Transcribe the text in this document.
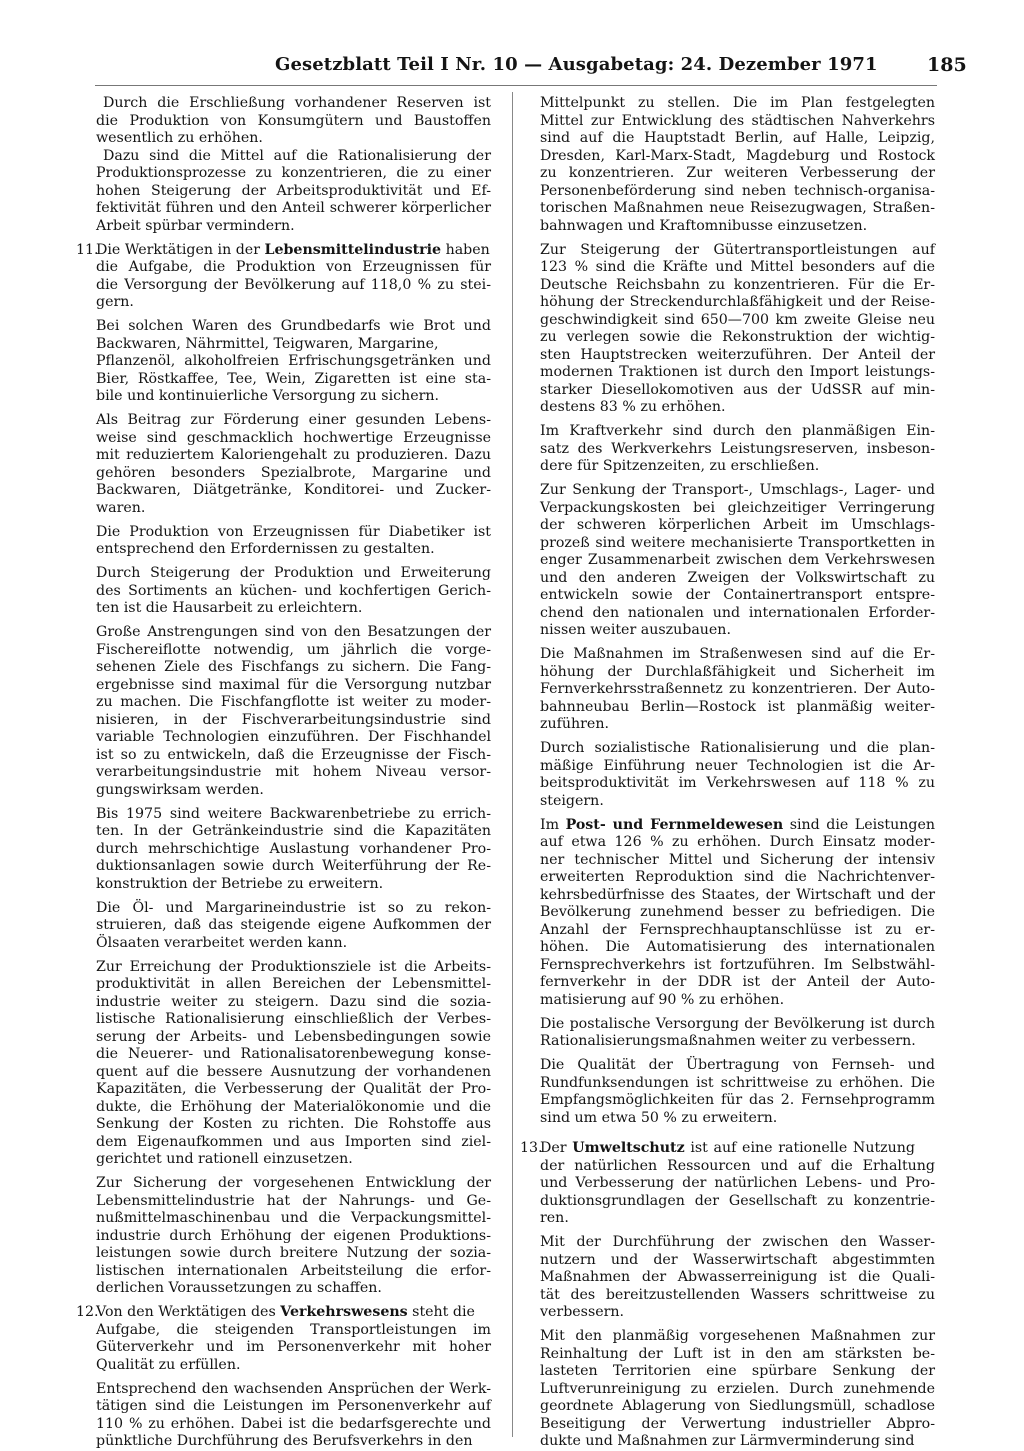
Gesetzblatt Teil I Nr. 10 — Ausgabetag: 24. Dezember 1971	185
Durch die Erschließung vorhandener Reserven ist
die Produktion von Konsumgütern und Baustoffen
wesentlich zu erhöhen.
Dazu sind die Mittel auf die Rationalisierung der
Produktionsprozesse zu konzentrieren, die zu einer
hohen Steigerung der Arbeitsproduktivität und Ef-
fektivität führen und den Anteil schwerer körperlicher
Arbeit spürbar vermindern.
11.
Die Werktätigen in der Lebensmittelindustrie haben
die Aufgabe, die Produktion von Erzeugnissen für
die Versorgung der Bevölkerung auf 118,0 % zu stei-
gern.
Bei solchen Waren des Grundbedarfs wie Brot und
Backwaren, Nährmittel, Teigwaren, Margarine,
Pflanzenöl, alkoholfreien Erfrischungsgetränken und
Bier, Röstkaffee, Tee, Wein, Zigaretten ist eine sta-
bile und kontinuierliche Versorgung zu sichern.
Als Beitrag zur Förderung einer gesunden Lebens-
weise sind geschmacklich hochwertige Erzeugnisse
mit reduziertem Kaloriengehalt zu produzieren. Dazu
gehören besonders Spezialbrote, Margarine und
Backwaren, Diätgetränke, Konditorei- und Zucker-
waren.
Die Produktion von Erzeugnissen für Diabetiker ist
entsprechend den Erfordernissen zu gestalten.
Durch Steigerung der Produktion und Erweiterung
des Sortiments an küchen- und kochfertigen Gerich-
ten ist die Hausarbeit zu erleichtern.
Große Anstrengungen sind von den Besatzungen der
Fischereiflotte notwendig, um jährlich die vorge-
sehenen Ziele des Fischfangs zu sichern. Die Fang-
ergebnisse sind maximal für die Versorgung nutzbar
zu machen. Die Fischfangflotte ist weiter zu moder-
nisieren, in der Fischverarbeitungsindustrie sind
variable Technologien einzuführen. Der Fischhandel
ist so zu entwickeln, daß die Erzeugnisse der Fisch-
verarbeitungsindustrie mit hohem Niveau versor-
gungswirksam werden.
Bis 1975 sind weitere Backwarenbetriebe zu errich-
ten. In der Getränkeindustrie sind die Kapazitäten
durch mehrschichtige Auslastung vorhandener Pro-
duktionsanlagen sowie durch Weiterführung der Re-
konstruktion der Betriebe zu erweitern.
Die Öl- und Margarineindustrie ist so zu rekon-
struieren, daß das steigende eigene Aufkommen der
Ölsaaten verarbeitet werden kann.
Zur Erreichung der Produktionsziele ist die Arbeits-
produktivität in allen Bereichen der Lebensmittel-
industrie weiter zu steigern. Dazu sind die sozia-
listische Rationalisierung einschließlich der Verbes-
serung der Arbeits- und Lebensbedingungen sowie
die Neuerer- und Rationalisatorenbewegung konse-
quent auf die bessere Ausnutzung der vorhandenen
Kapazitäten, die Verbesserung der Qualität der Pro-
dukte, die Erhöhung der Materialökonomie und die
Senkung der Kosten zu richten. Die Rohstoffe aus
dem Eigenaufkommen und aus Importen sind ziel-
gerichtet und rationell einzusetzen.
Zur Sicherung der vorgesehenen Entwicklung der
Lebensmittelindustrie hat der Nahrungs- und Ge-
nußmittelmaschinenbau und die Verpackungsmittel-
industrie durch Erhöhung der eigenen Produktions-
leistungen sowie durch breitere Nutzung der sozia-
listischen internationalen Arbeitsteilung die erfor-
derlichen Voraussetzungen zu schaffen.
12.
Von den Werktätigen des Verkehrswesens steht die
Aufgabe, die steigenden Transportleistungen im
Güterverkehr und im Personenverkehr mit hoher
Qualität zu erfüllen.
Entsprechend den wachsenden Ansprüchen der Werk-
tätigen sind die Leistungen im Personenverkehr auf
110 % zu erhöhen. Dabei ist die bedarfsgerechte und
pünktliche Durchführung des Berufsverkehrs in den
Mittelpunkt zu stellen. Die im Plan festgelegten
Mittel zur Entwicklung des städtischen Nahverkehrs
sind auf die Hauptstadt Berlin, auf Halle, Leipzig,
Dresden, Karl-Marx-Stadt, Magdeburg und Rostock
zu konzentrieren. Zur weiteren Verbesserung der
Personenbeförderung sind neben technisch-organisa-
torischen Maßnahmen neue Reisezugwagen, Straßen-
bahnwagen und Kraftomnibusse einzusetzen.
Zur Steigerung der Gütertransportleistungen auf
123 % sind die Kräfte und Mittel besonders auf die
Deutsche Reichsbahn zu konzentrieren. Für die Er-
höhung der Streckendurchlaßfähigkeit und der Reise-
geschwindigkeit sind 650—700 km zweite Gleise neu
zu verlegen sowie die Rekonstruktion der wichtig-
sten Hauptstrecken weiterzuführen. Der Anteil der
modernen Traktionen ist durch den Import leistungs-
starker Diesellokomotiven aus der UdSSR auf min-
destens 83 % zu erhöhen.
Im Kraftverkehr sind durch den planmäßigen Ein-
satz des Werkverkehrs Leistungsreserven, insbeson-
dere für Spitzenzeiten, zu erschließen.
Zur Senkung der Transport-, Umschlags-, Lager- und
Verpackungskosten bei gleichzeitiger Verringerung
der schweren körperlichen Arbeit im Umschlags-
prozeß sind weitere mechanisierte Transportketten in
enger Zusammenarbeit zwischen dem Verkehrswesen
und den anderen Zweigen der Volkswirtschaft zu
entwickeln sowie der Containertransport entspre-
chend den nationalen und internationalen Erforder-
nissen weiter auszubauen.
Die Maßnahmen im Straßenwesen sind auf die Er-
höhung der Durchlaßfähigkeit und Sicherheit im
Fernverkehrsstraßennetz zu konzentrieren. Der Auto-
bahnneubau Berlin—Rostock ist planmäßig weiter-
zuführen.
Durch sozialistische Rationalisierung und die plan-
mäßige Einführung neuer Technologien ist die Ar-
beitsproduktivität im Verkehrswesen auf 118 % zu
steigern.
Im Post- und Fernmeldewesen sind die Leistungen
auf etwa 126 % zu erhöhen. Durch Einsatz moder-
ner technischer Mittel und Sicherung der intensiv
erweiterten Reproduktion sind die Nachrichtenver-
kehrsbedürfnisse des Staates, der Wirtschaft und der
Bevölkerung zunehmend besser zu befriedigen. Die
Anzahl der Fernsprechhauptanschlüsse ist zu er-
höhen. Die Automatisierung des internationalen
Fernsprechverkehrs ist fortzuführen. Im Selbstwähl-
fernverkehr in der DDR ist der Anteil der Auto-
matisierung auf 90 % zu erhöhen.
Die postalische Versorgung der Bevölkerung ist durch
Rationalisierungsmaßnahmen weiter zu verbessern.
Die Qualität der Übertragung von Fernseh- und
Rundfunksendungen ist schrittweise zu erhöhen. Die
Empfangsmöglichkeiten für das 2. Fernsehprogramm
sind um etwa 50 % zu erweitern.
13.
Der Umweltschutz ist auf eine rationelle Nutzung
der natürlichen Ressourcen und auf die Erhaltung
und Verbesserung der natürlichen Lebens- und Pro-
duktionsgrundlagen der Gesellschaft zu konzentrie-
ren.
Mit der Durchführung der zwischen den Wasser-
nutzern und der Wasserwirtschaft abgestimmten
Maßnahmen der Abwasserreinigung ist die Quali-
tät des bereitzustellenden Wassers schrittweise zu
verbessern.
Mit den planmäßig vorgesehenen Maßnahmen zur
Reinhaltung der Luft ist in den am stärksten be-
lasteten Territorien eine spürbare Senkung der
Luftverunreinigung zu erzielen. Durch zunehmende
geordnete Ablagerung von Siedlungsmüll, schadlose
Beseitigung der Verwertung industrieller Abpro-
dukte und Maßnahmen zur Lärmverminderung sind
